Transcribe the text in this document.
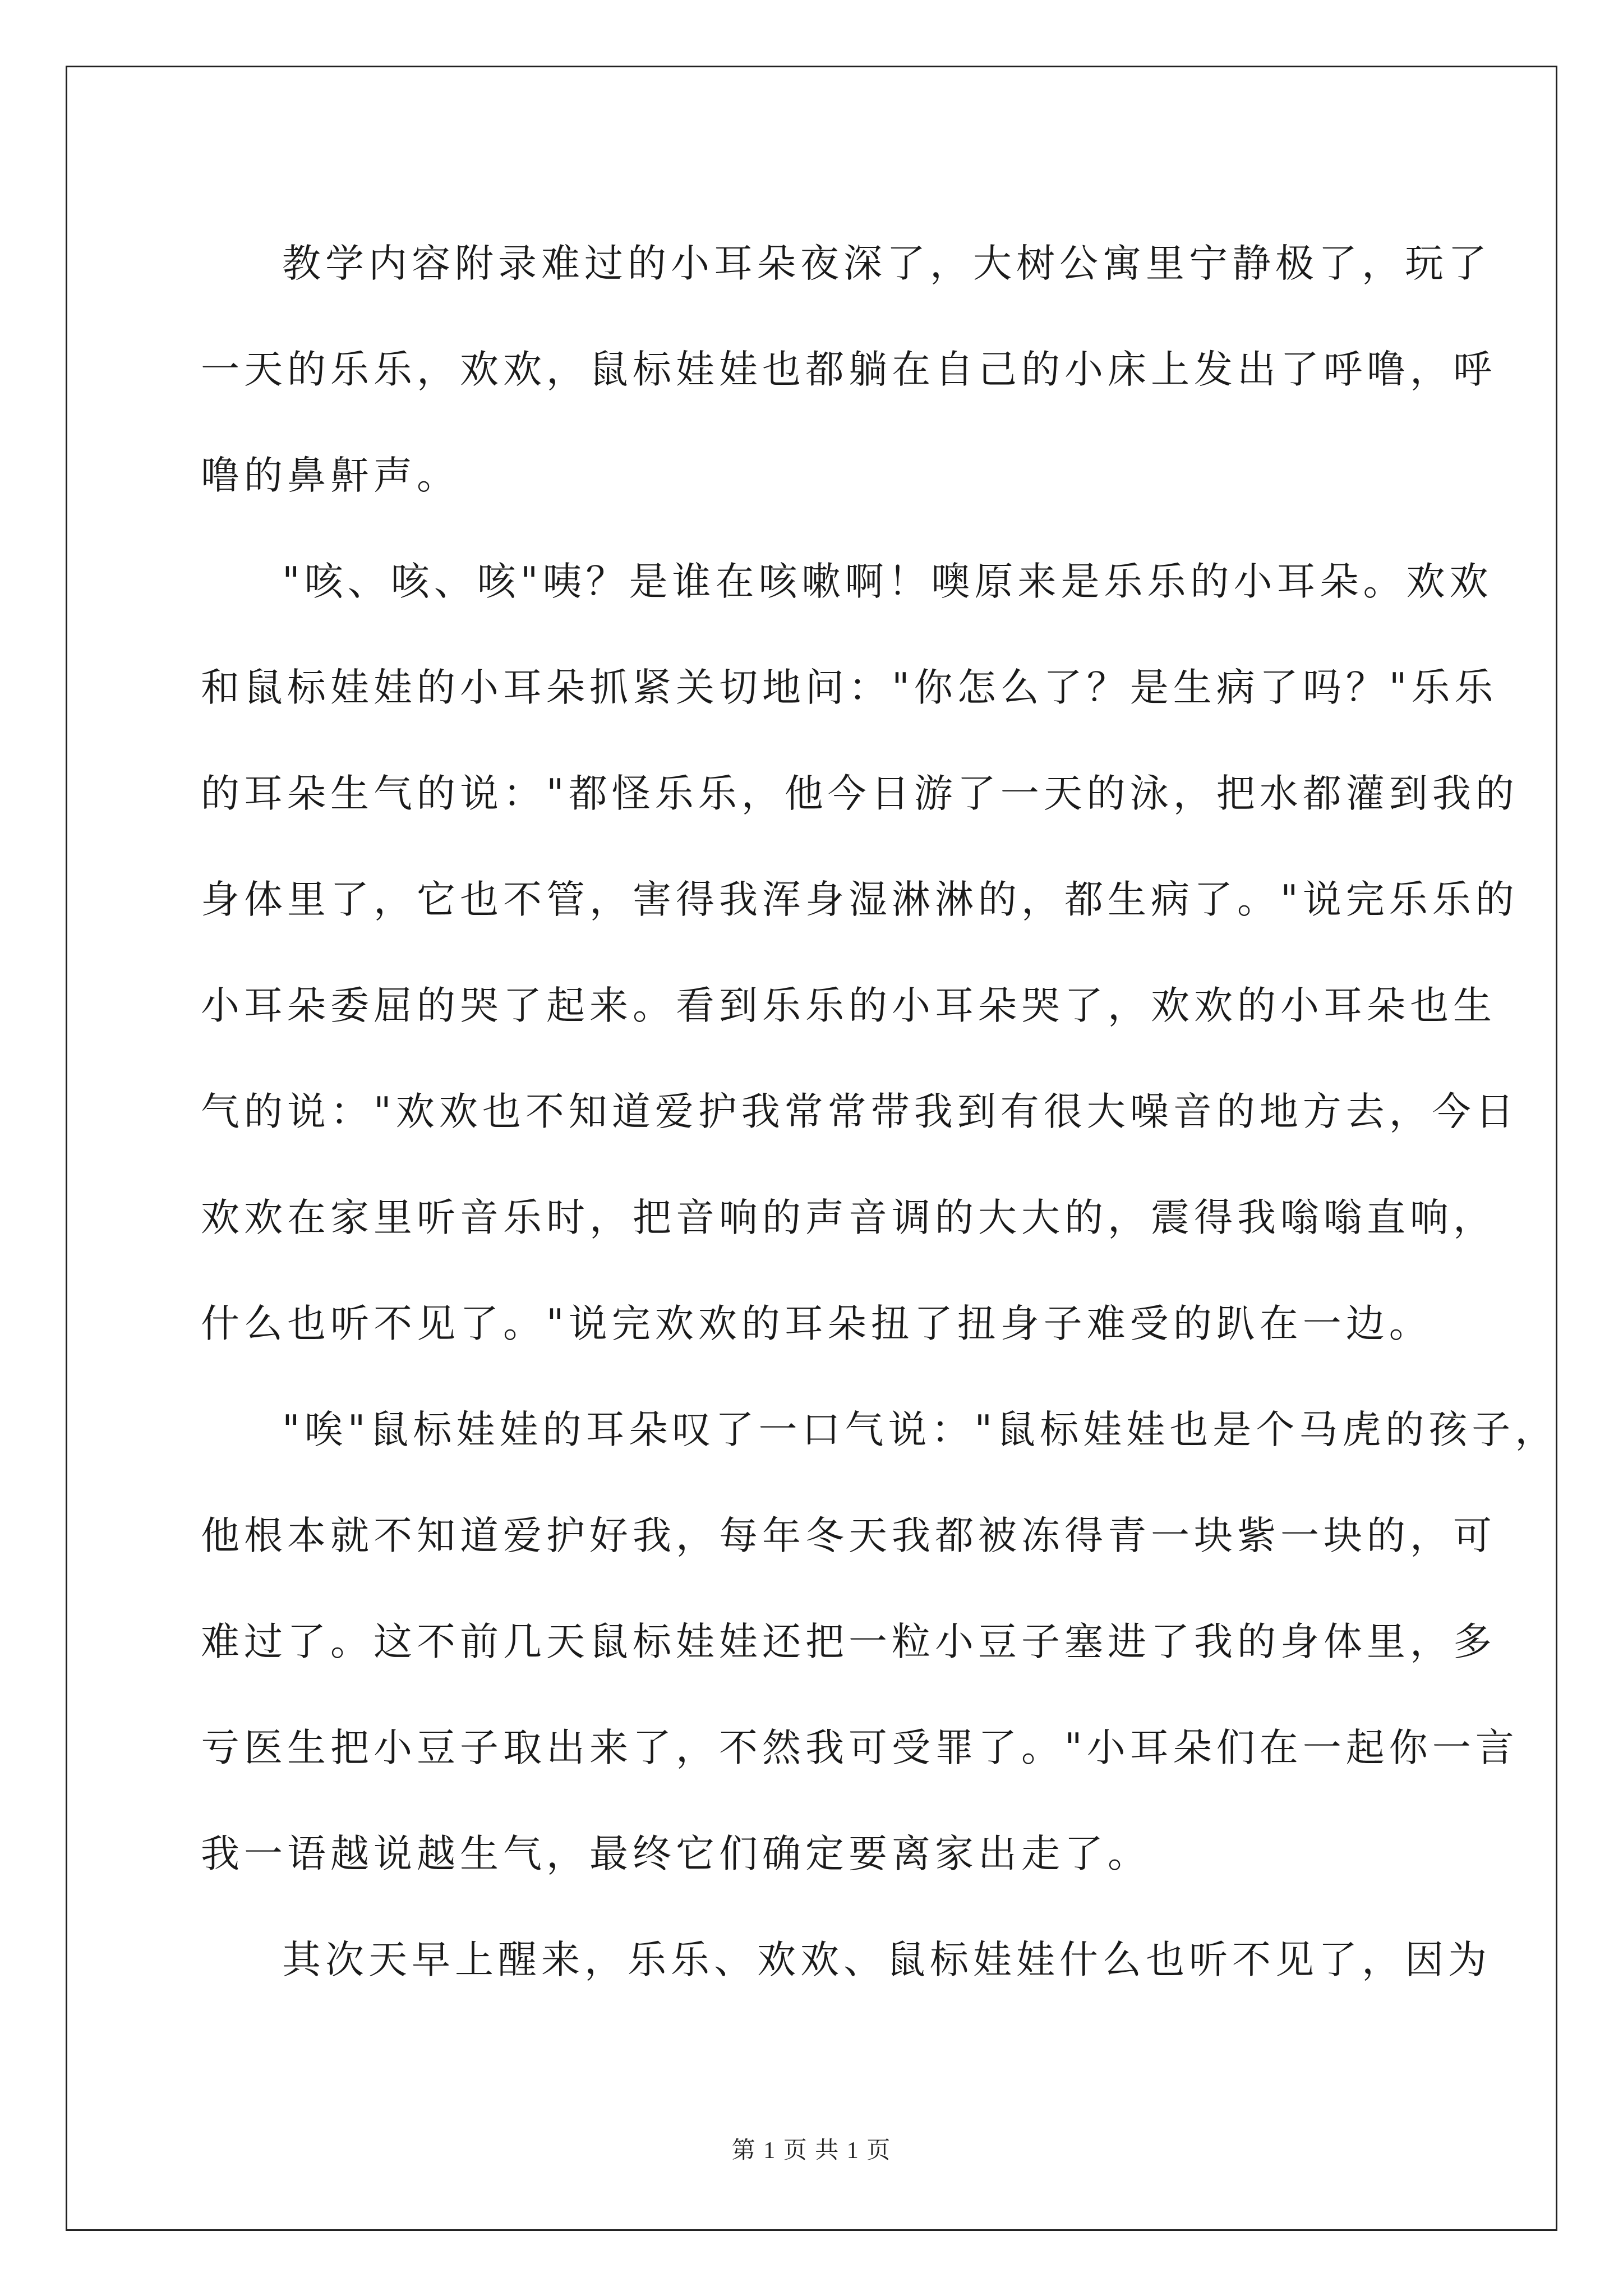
教学内容附录难过的小耳朵夜深了，大树公寓里宁静极了，玩了
一天的乐乐，欢欢，鼠标娃娃也都躺在自己的小床上发出了呼噜，呼
噜的鼻鼾声。
"咳、咳、咳"咦？是谁在咳嗽啊！噢原来是乐乐的小耳朵。欢欢
和鼠标娃娃的小耳朵抓紧关切地问："你怎么了？是生病了吗？"乐乐
的耳朵生气的说："都怪乐乐，他今日游了一天的泳，把水都灌到我的
身体里了，它也不管，害得我浑身湿淋淋的，都生病了。"说完乐乐的
小耳朵委屈的哭了起来。看到乐乐的小耳朵哭了，欢欢的小耳朵也生
气的说："欢欢也不知道爱护我常常带我到有很大噪音的地方去，今日
欢欢在家里听音乐时，把音响的声音调的大大的，震得我嗡嗡直响，
什么也听不见了。"说完欢欢的耳朵扭了扭身子难受的趴在一边。
"唉"鼠标娃娃的耳朵叹了一口气说："鼠标娃娃也是个马虎的孩子，
他根本就不知道爱护好我，每年冬天我都被冻得青一块紫一块的，可
难过了。这不前几天鼠标娃娃还把一粒小豆子塞进了我的身体里，多
亏医生把小豆子取出来了，不然我可受罪了。"小耳朵们在一起你一言
我一语越说越生气，最终它们确定要离家出走了。
其次天早上醒来，乐乐、欢欢、鼠标娃娃什么也听不见了，因为
第 1 页 共 1 页
